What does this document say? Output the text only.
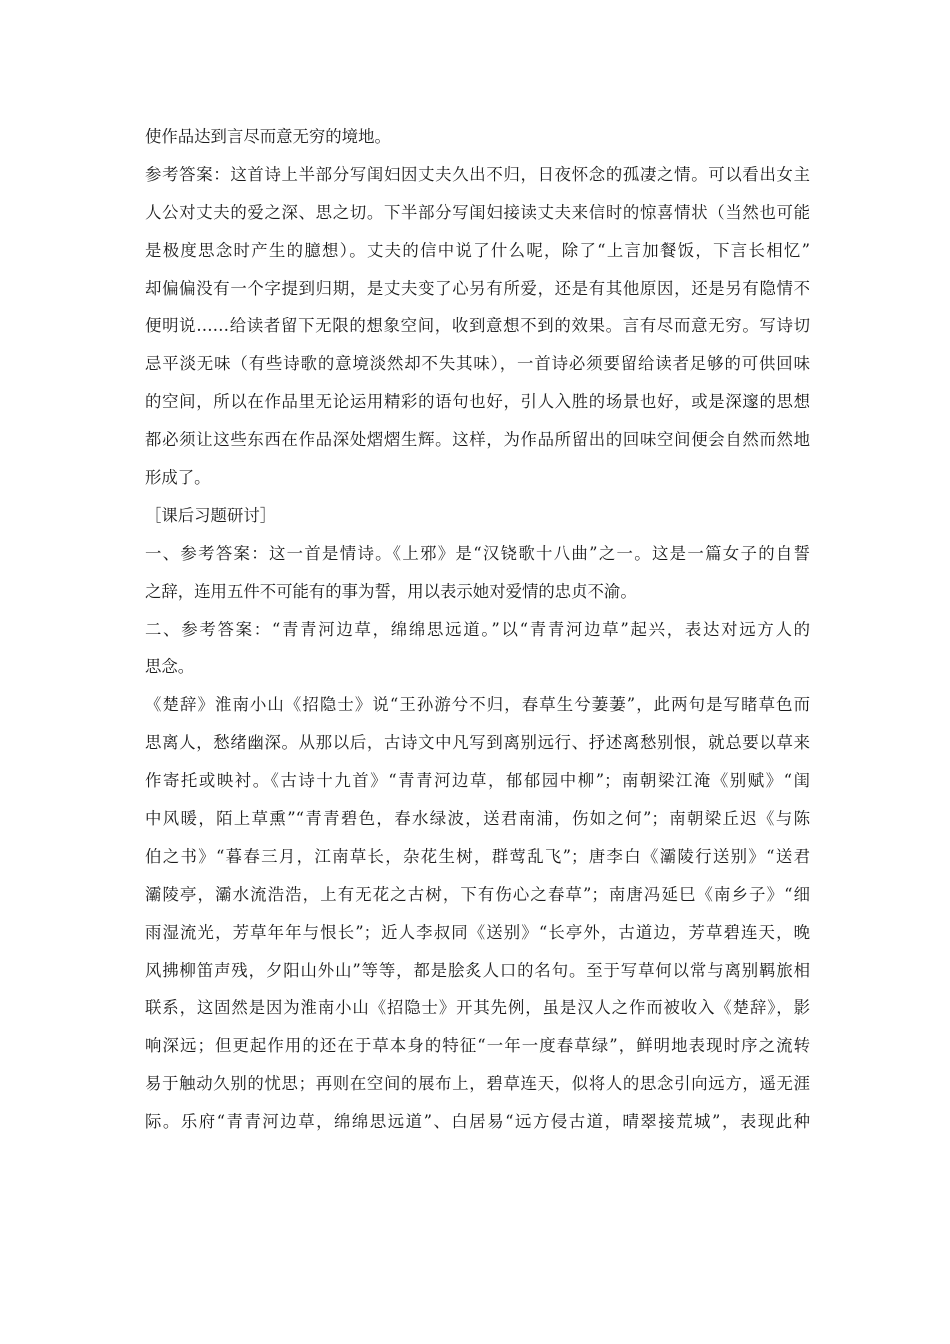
使作品达到言尽而意无穷的境地。
参考答案：这首诗上半部分写闺妇因丈夫久出不归，日夜怀念的孤凄之情。可以看出女主
人公对丈夫的爱之深、思之切。下半部分写闺妇接读丈夫来信时的惊喜情状（当然也可能
是极度思念时产生的臆想）。丈夫的信中说了什么呢，除了“上言加餐饭，下言长相忆”
却偏偏没有一个字提到归期，是丈夫变了心另有所爱，还是有其他原因，还是另有隐情不
便明说……给读者留下无限的想象空间，收到意想不到的效果。言有尽而意无穷。写诗切
忌平淡无味（有些诗歌的意境淡然却不失其味），一首诗必须要留给读者足够的可供回味
的空间，所以在作品里无论运用精彩的语句也好，引人入胜的场景也好，或是深邃的思想
都必须让这些东西在作品深处熠熠生辉。这样，为作品所留出的回味空间便会自然而然地
形成了。
［课后习题研讨］
一、参考答案：这一首是情诗。《上邪》是“汉铙歌十八曲”之一。这是一篇女子的自誓
之辞，连用五件不可能有的事为誓，用以表示她对爱情的忠贞不渝。
二、参考答案：“青青河边草，绵绵思远道。”以“青青河边草”起兴，表达对远方人的
思念。
《楚辞》淮南小山《招隐士》说“王孙游兮不归，春草生兮萋萋”，此两句是写睹草色而
思离人，愁绪幽深。从那以后，古诗文中凡写到离别远行、抒述离愁别恨，就总要以草来
作寄托或映衬。《古诗十九首》“青青河边草，郁郁园中柳”；南朝梁江淹《别赋》“闺
中风暖，陌上草熏”“青青碧色，春水绿波，送君南浦，伤如之何”；南朝梁丘迟《与陈
伯之书》“暮春三月，江南草长，杂花生树，群莺乱飞”；唐李白《灞陵行送别》“送君
灞陵亭，灞水流浩浩，上有无花之古树，下有伤心之春草”；南唐冯延巳《南乡子》“细
雨湿流光，芳草年年与恨长”；近人李叔同《送别》“长亭外，古道边，芳草碧连天，晚
风拂柳笛声残，夕阳山外山”等等，都是脍炙人口的名句。至于写草何以常与离别羁旅相
联系，这固然是因为淮南小山《招隐士》开其先例，虽是汉人之作而被收入《楚辞》，影
响深远；但更起作用的还在于草本身的特征“一年一度春草绿”，鲜明地表现时序之流转
易于触动久别的忧思；再则在空间的展布上，碧草连天，似将人的思念引向远方，遥无涯
际。乐府“青青河边草，绵绵思远道”、白居易“远方侵古道，晴翠接荒城”，表现此种
